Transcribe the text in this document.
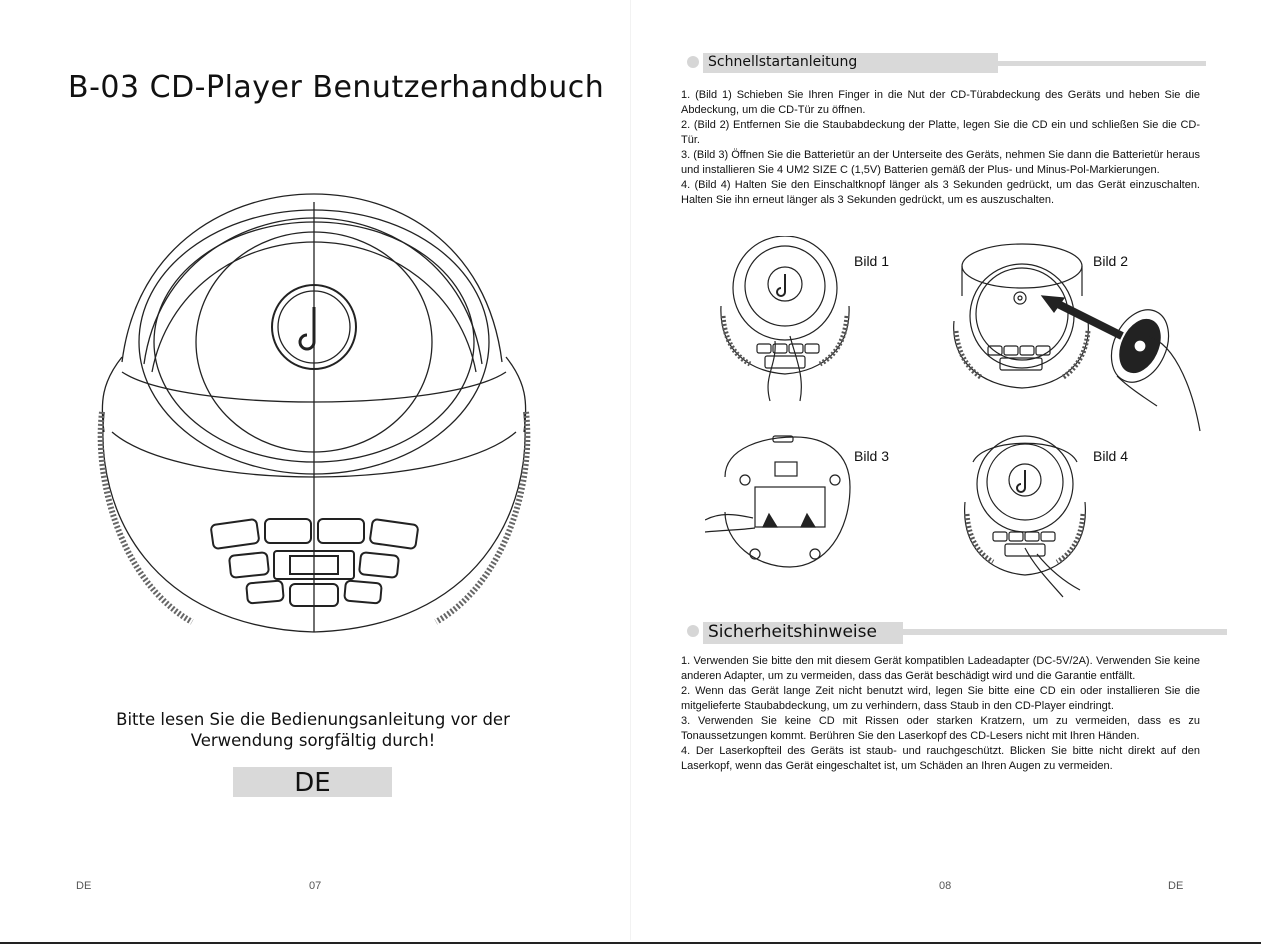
B-03 CD-Player Benutzerhandbuch
Bitte lesen Sie die Bedienungsanleitung vor der
Verwendung sorgfältig durch!
DE
DE	07
Schnellstartanleitung

1. (Bild 1) Schieben Sie Ihren Finger in die Nut der CD-Türabdeckung des Geräts und heben Sie die Abdeckung, um die CD-Tür zu öffnen.

2. (Bild 2) Entfernen Sie die Staubabdeckung der Platte, legen Sie die CD ein und schließen Sie die CD-Tür.

3. (Bild 3) Öffnen Sie die Batterietür an der Unterseite des Geräts, nehmen Sie dann die Batterietür heraus und installieren Sie 4 UM2 SIZE C (1,5V) Batterien gemäß der Plus- und Minus-Pol-Markierungen.

4. (Bild 4) Halten Sie den Einschaltknopf länger als 3 Sekunden gedrückt, um das Gerät einzuschalten. Halten Sie ihn erneut länger als 3 Sekunden gedrückt, um es auszuschalten.

Bild 1	Bild 2
Bild 3	Bild 4
Sicherheitshinweise

1. Verwenden Sie bitte den mit diesem Gerät kompatiblen Ladeadapter (DC-5V/2A). Verwenden Sie keine anderen Adapter, um zu vermeiden, dass das Gerät beschädigt wird und die Garantie entfällt.

2. Wenn das Gerät lange Zeit nicht benutzt wird, legen Sie bitte eine CD ein oder installieren Sie die mitgelieferte Staubabdeckung, um zu verhindern, dass Staub in den CD-Player eindringt.

3. Verwenden Sie keine CD mit Rissen oder starken Kratzern, um zu vermeiden, dass es zu Tonaussetzungen kommt. Berühren Sie den Laserkopf des CD-Lesers nicht mit Ihren Händen.

4. Der Laserkopfteil des Geräts ist staub- und rauchgeschützt. Blicken Sie bitte nicht direkt auf den Laserkopf, wenn das Gerät eingeschaltet ist, um Schäden an Ihren Augen zu vermeiden.

08	DE
